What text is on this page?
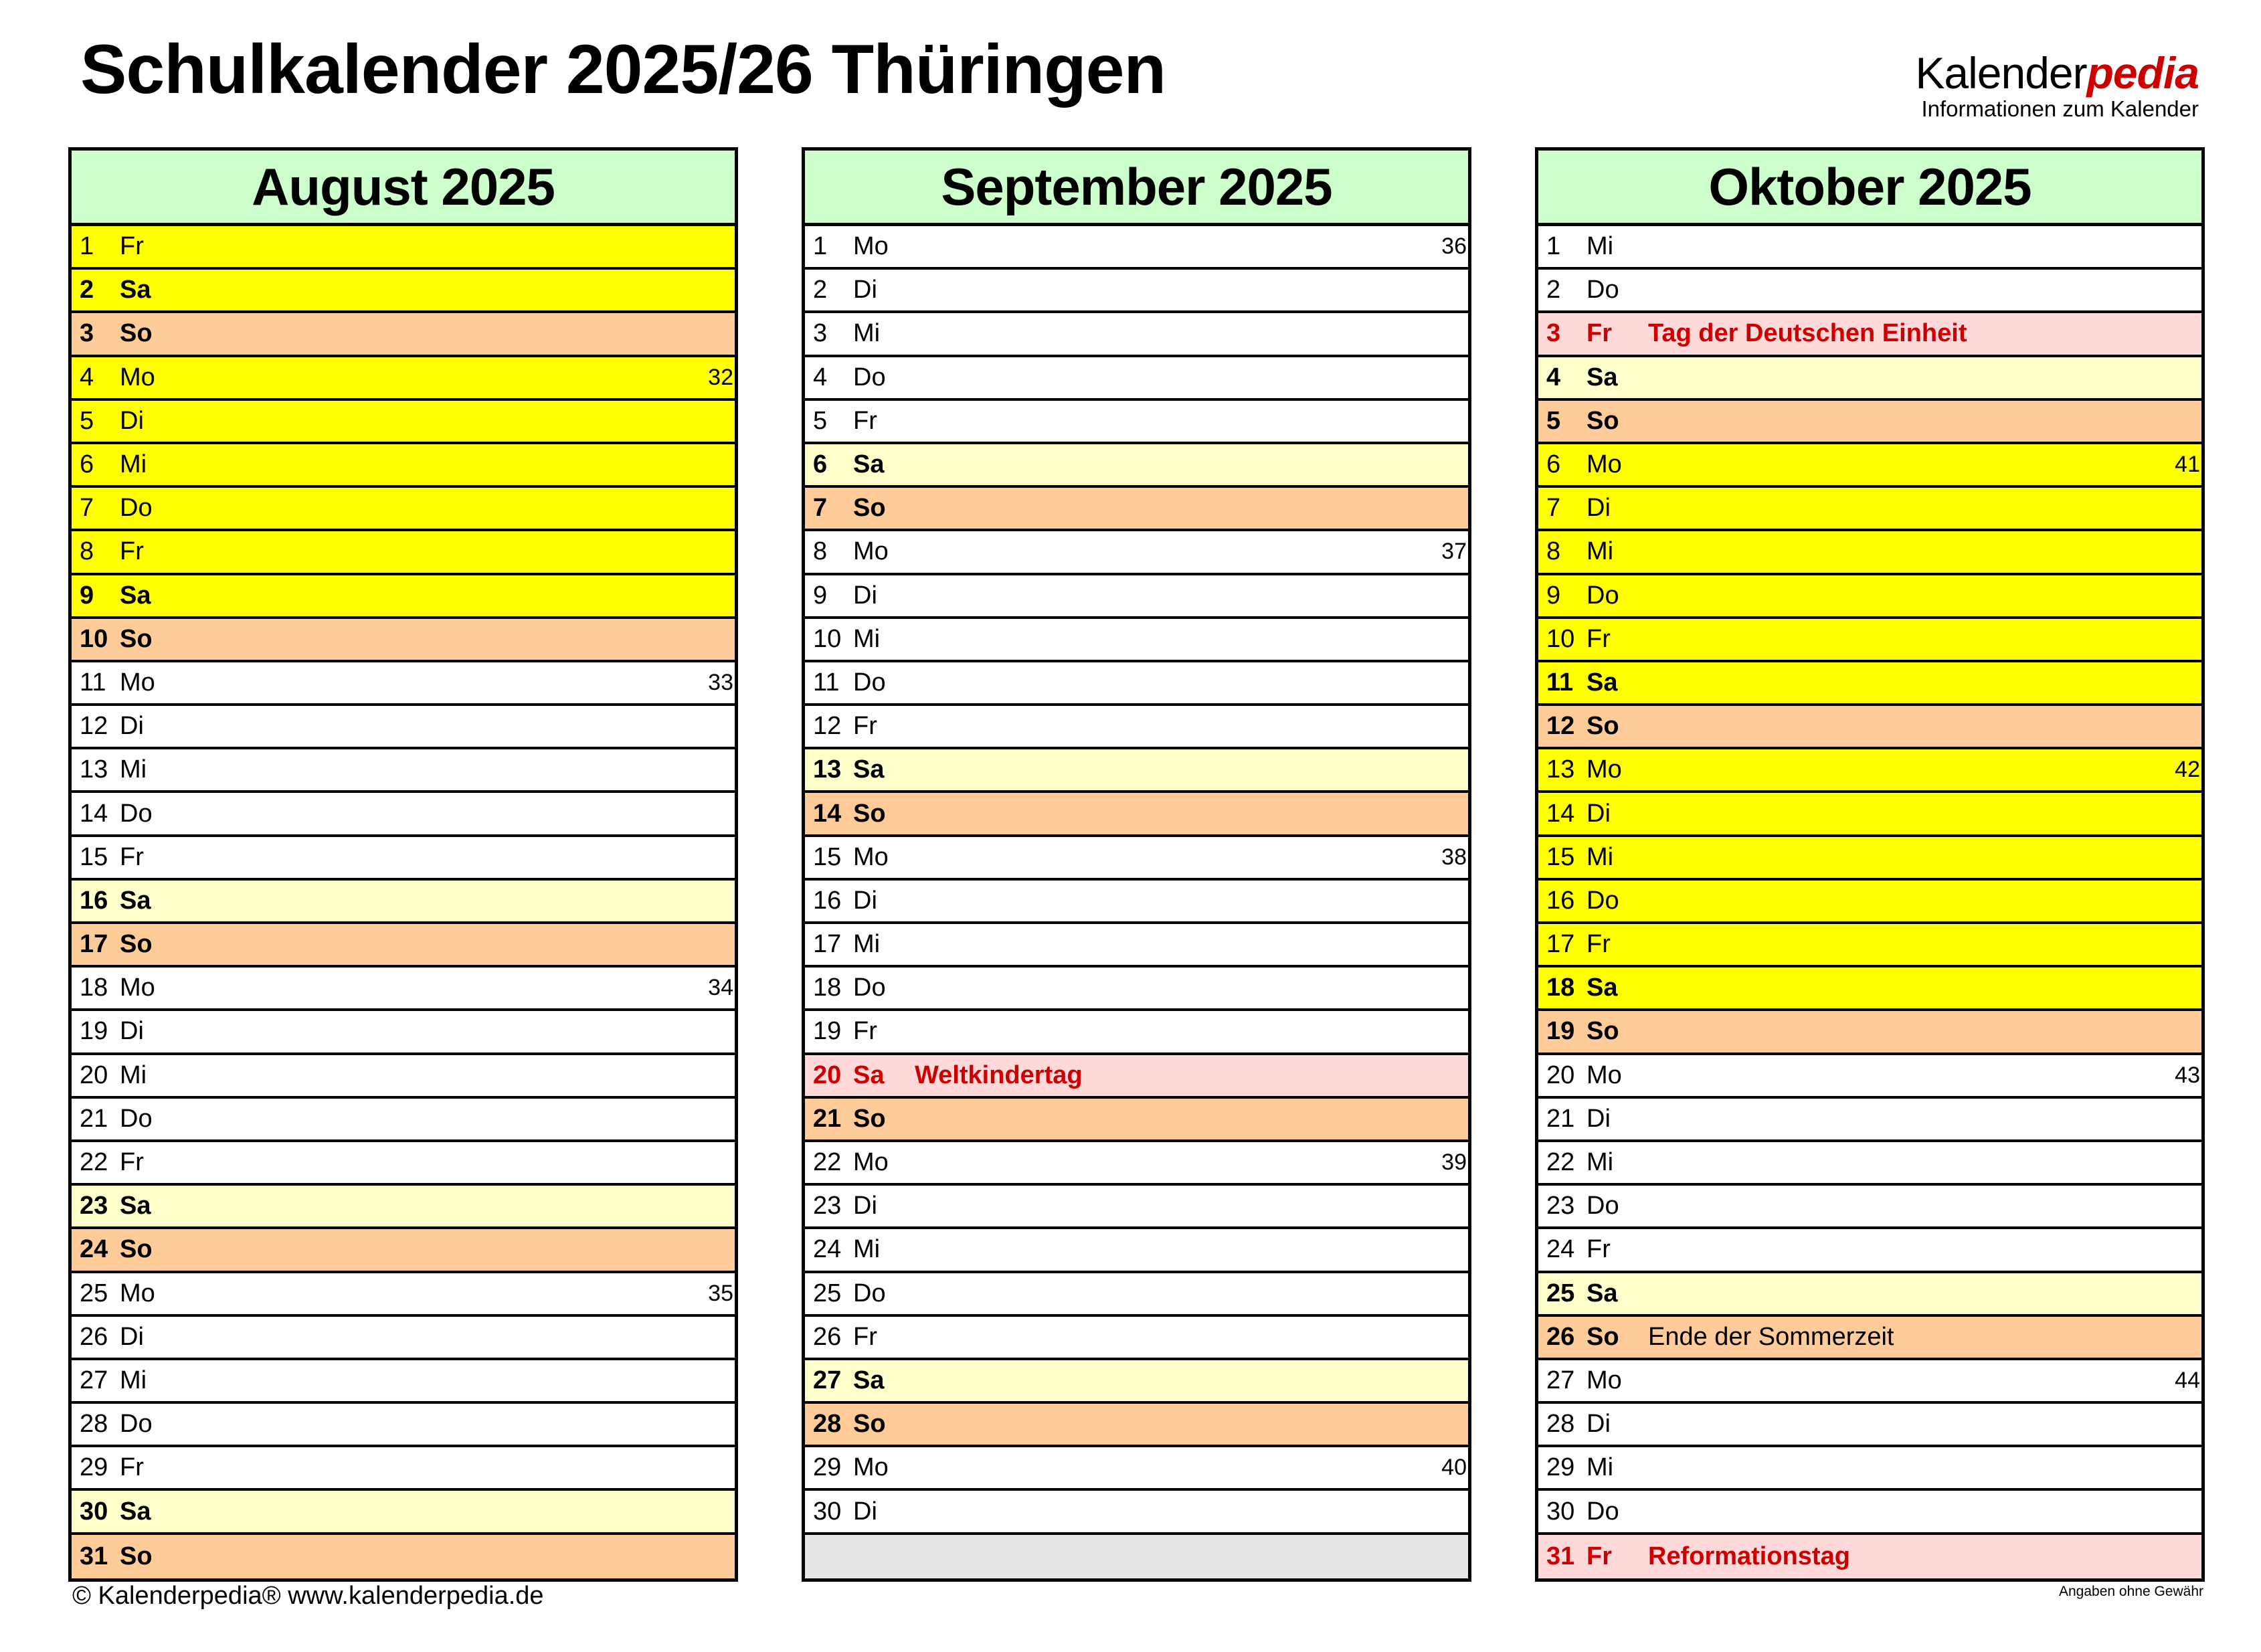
Schulkalender 2025/26 Thüringen	Kalenderpedia
Informationen zum Kalender
August 2025
1	Fr
2	Sa
3	So
4	Mo	32
5	Di
6	Mi
7	Do
8	Fr
9	Sa
10 So
11 Mo	33
12 Di
13 Mi
14 Do
15 Fr
16 Sa
17 So
18 Mo	34
19 Di
20 Mi
21 Do
22 Fr
23 Sa
24 So
25 Mo	35
26 Di
27 Mi
28 Do
29 Fr
30 Sa
31 So
September 2025
1	Mo	36
2	Di
3	Mi
4	Do
5	Fr
6	Sa
7	So
8	Mo	37
9	Di
10 Mi
11 Do
12 Fr
13 Sa
14 So
15 Mo	38
16 Di
17 Mi
18 Do
19 Fr
20 Sa	Weltkindertag
21 So
22 Mo	39
23 Di
24 Mi
25 Do
26 Fr
27 Sa
28 So
29 Mo	40
30 Di
Oktober 2025
1	Mi
2	Do
3	Fr	Tag der Deutschen Einheit
4	Sa
5	So
6	Mo	41
7	Di
8	Mi
9	Do
10 Fr
11 Sa
12 So
13 Mo	42
14 Di
15 Mi
16 Do
17 Fr
18 Sa
19 So
20 Mo	43
21 Di
22 Mi
23 Do
24 Fr
25 Sa
26 So	Ende der Sommerzeit
27 Mo	44
28 Di
29 Mi
30 Do
31 Fr	Reformationstag
© Kalenderpedia® www.kalenderpedia.de	Angaben ohne Gewähr
